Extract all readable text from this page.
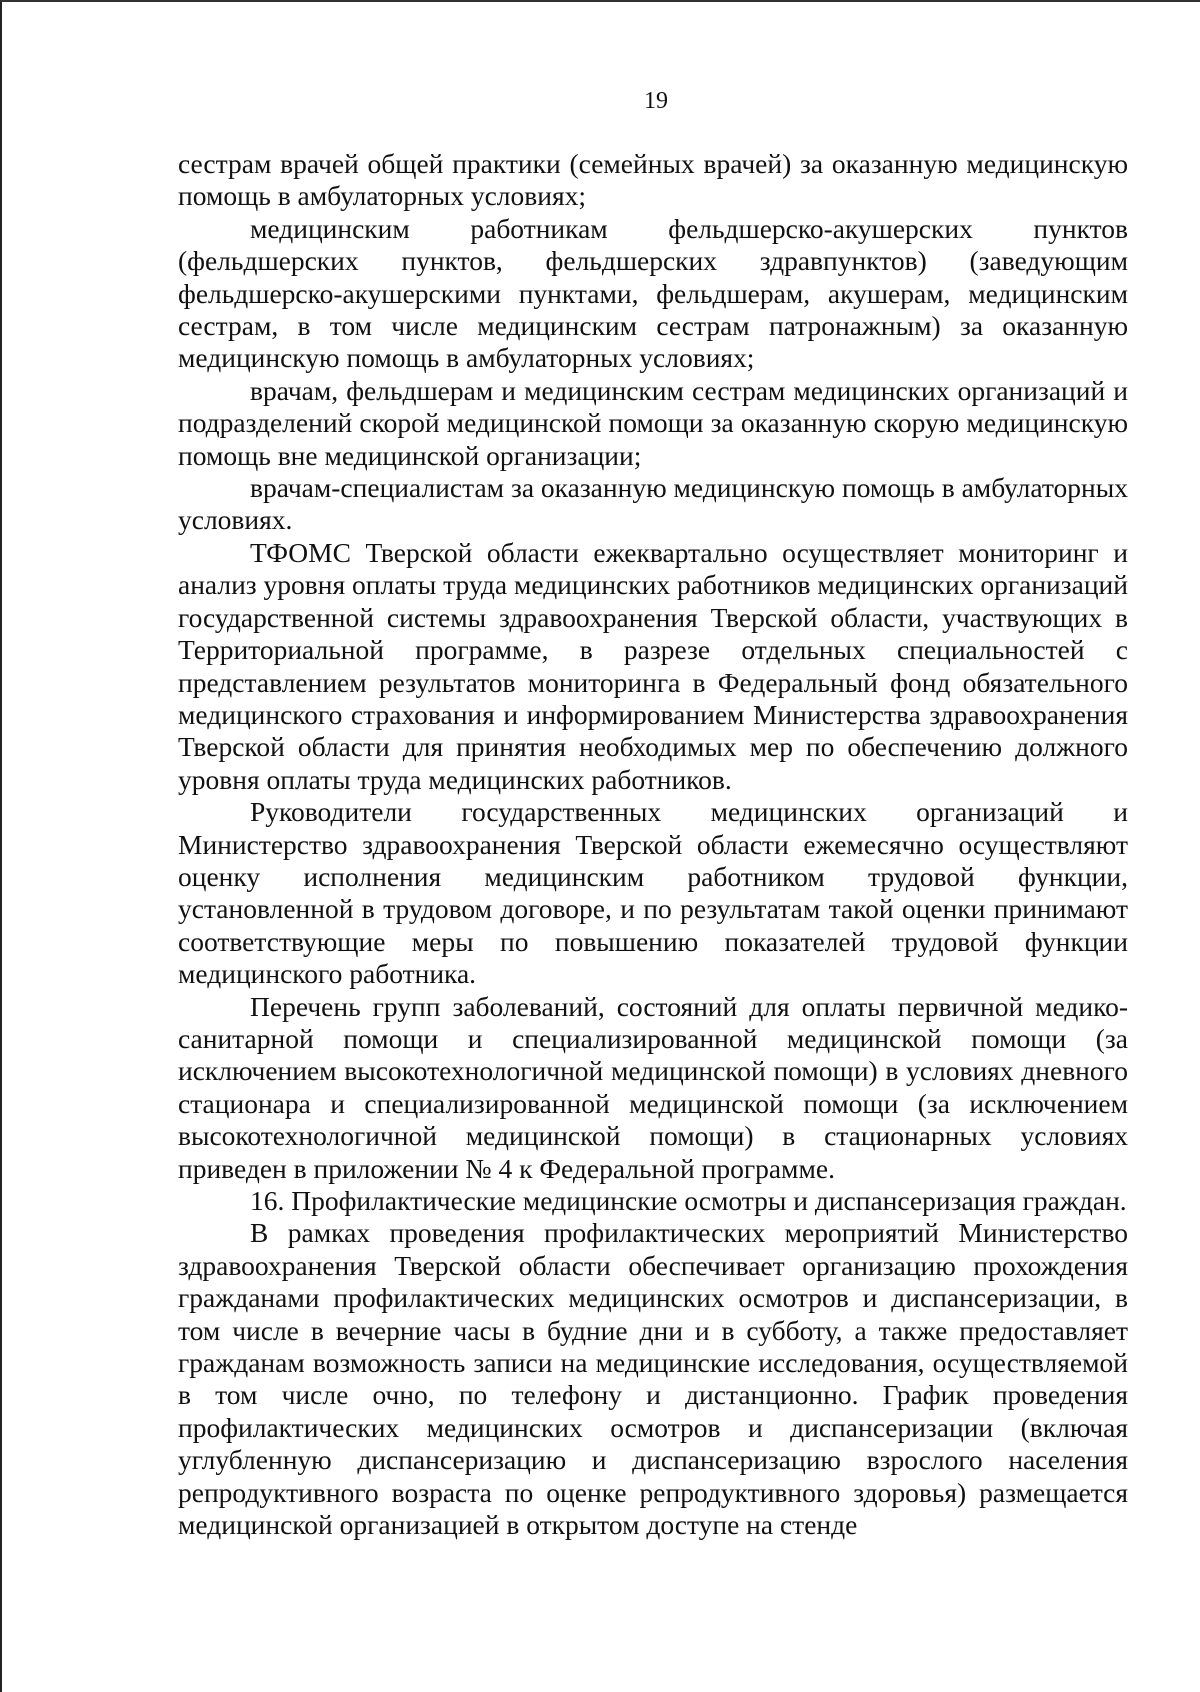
19

сестрам врачей общей практики (семейных врачей) за оказанную медицинскую помощь в амбулаторных условиях;

медицинским работникам фельдшерско-акушерских пунктов (фельдшерских пунктов, фельдшерских здравпунктов) (заведующим фельдшерско-акушерскими пунктами, фельдшерам, акушерам, медицинским сестрам, в том числе медицинским сестрам патронажным) за оказанную медицинскую помощь в амбулаторных условиях;

врачам, фельдшерам и медицинским сестрам медицинских организаций и подразделений скорой медицинской помощи за оказанную скорую медицинскую помощь вне медицинской организации;

врачам-специалистам за оказанную медицинскую помощь в амбулаторных условиях.

ТФОМС Тверской области ежеквартально осуществляет мониторинг и анализ уровня оплаты труда медицинских работников медицинских организаций государственной системы здравоохранения Тверской области, участвующих в Территориальной программе, в разрезе отдельных специальностей с представлением результатов мониторинга в Федеральный фонд обязательного медицинского страхования и информированием Министерства здравоохранения Тверской области для принятия необходимых мер по обеспечению должного уровня оплаты труда медицинских работников.

Руководители государственных медицинских организаций и Министерство здравоохранения Тверской области ежемесячно осуществляют оценку исполнения медицинским работником трудовой функции, установленной в трудовом договоре, и по результатам такой оценки принимают соответствующие меры по повышению показателей трудовой функции медицинского работника.

Перечень групп заболеваний, состояний для оплаты первичной медико-санитарной помощи и специализированной медицинской помощи (за исключением высокотехнологичной медицинской помощи) в условиях дневного стационара и специализированной медицинской помощи (за исключением высокотехнологичной медицинской помощи) в стационарных условиях приведен в приложении № 4 к Федеральной программе.

16. Профилактические медицинские осмотры и диспансеризация граждан.

В рамках проведения профилактических мероприятий Министерство здравоохранения Тверской области обеспечивает организацию прохождения гражданами профилактических медицинских осмотров и диспансеризации, в том числе в вечерние часы в будние дни и в субботу, а также предоставляет гражданам возможность записи на медицинские исследования, осуществляемой в том числе очно, по телефону и дистанционно. График проведения профилактических медицинских осмотров и диспансеризации (включая углубленную диспансеризацию и диспансеризацию взрослого населения репродуктивного возраста по оценке репродуктивного здоровья) размещается медицинской организацией в открытом доступе на стенде
